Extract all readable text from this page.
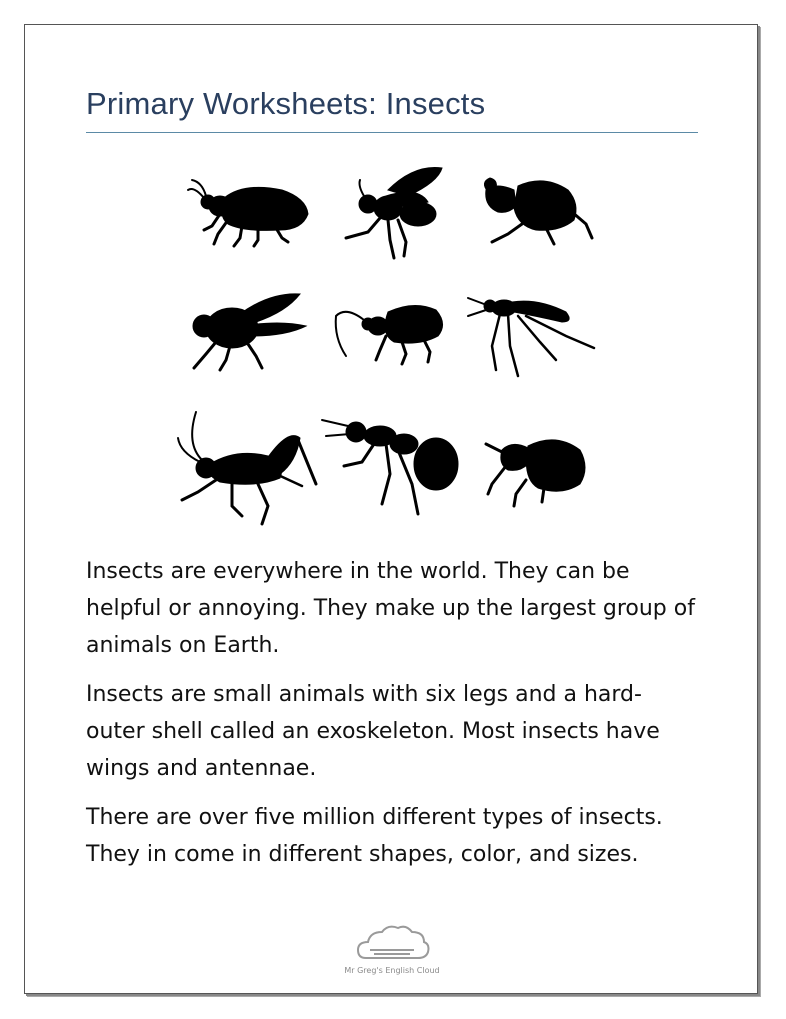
Primary Worksheets: Insects

Insects are everywhere in the world. They can be helpful or annoying. They make up the largest group of animals on Earth.

Insects are small animals with six legs and a hard-outer shell called an exoskeleton. Most insects have wings and antennae.

There are over five million different types of insects. They in come in different shapes, color, and sizes.

Mr Greg's English Cloud
